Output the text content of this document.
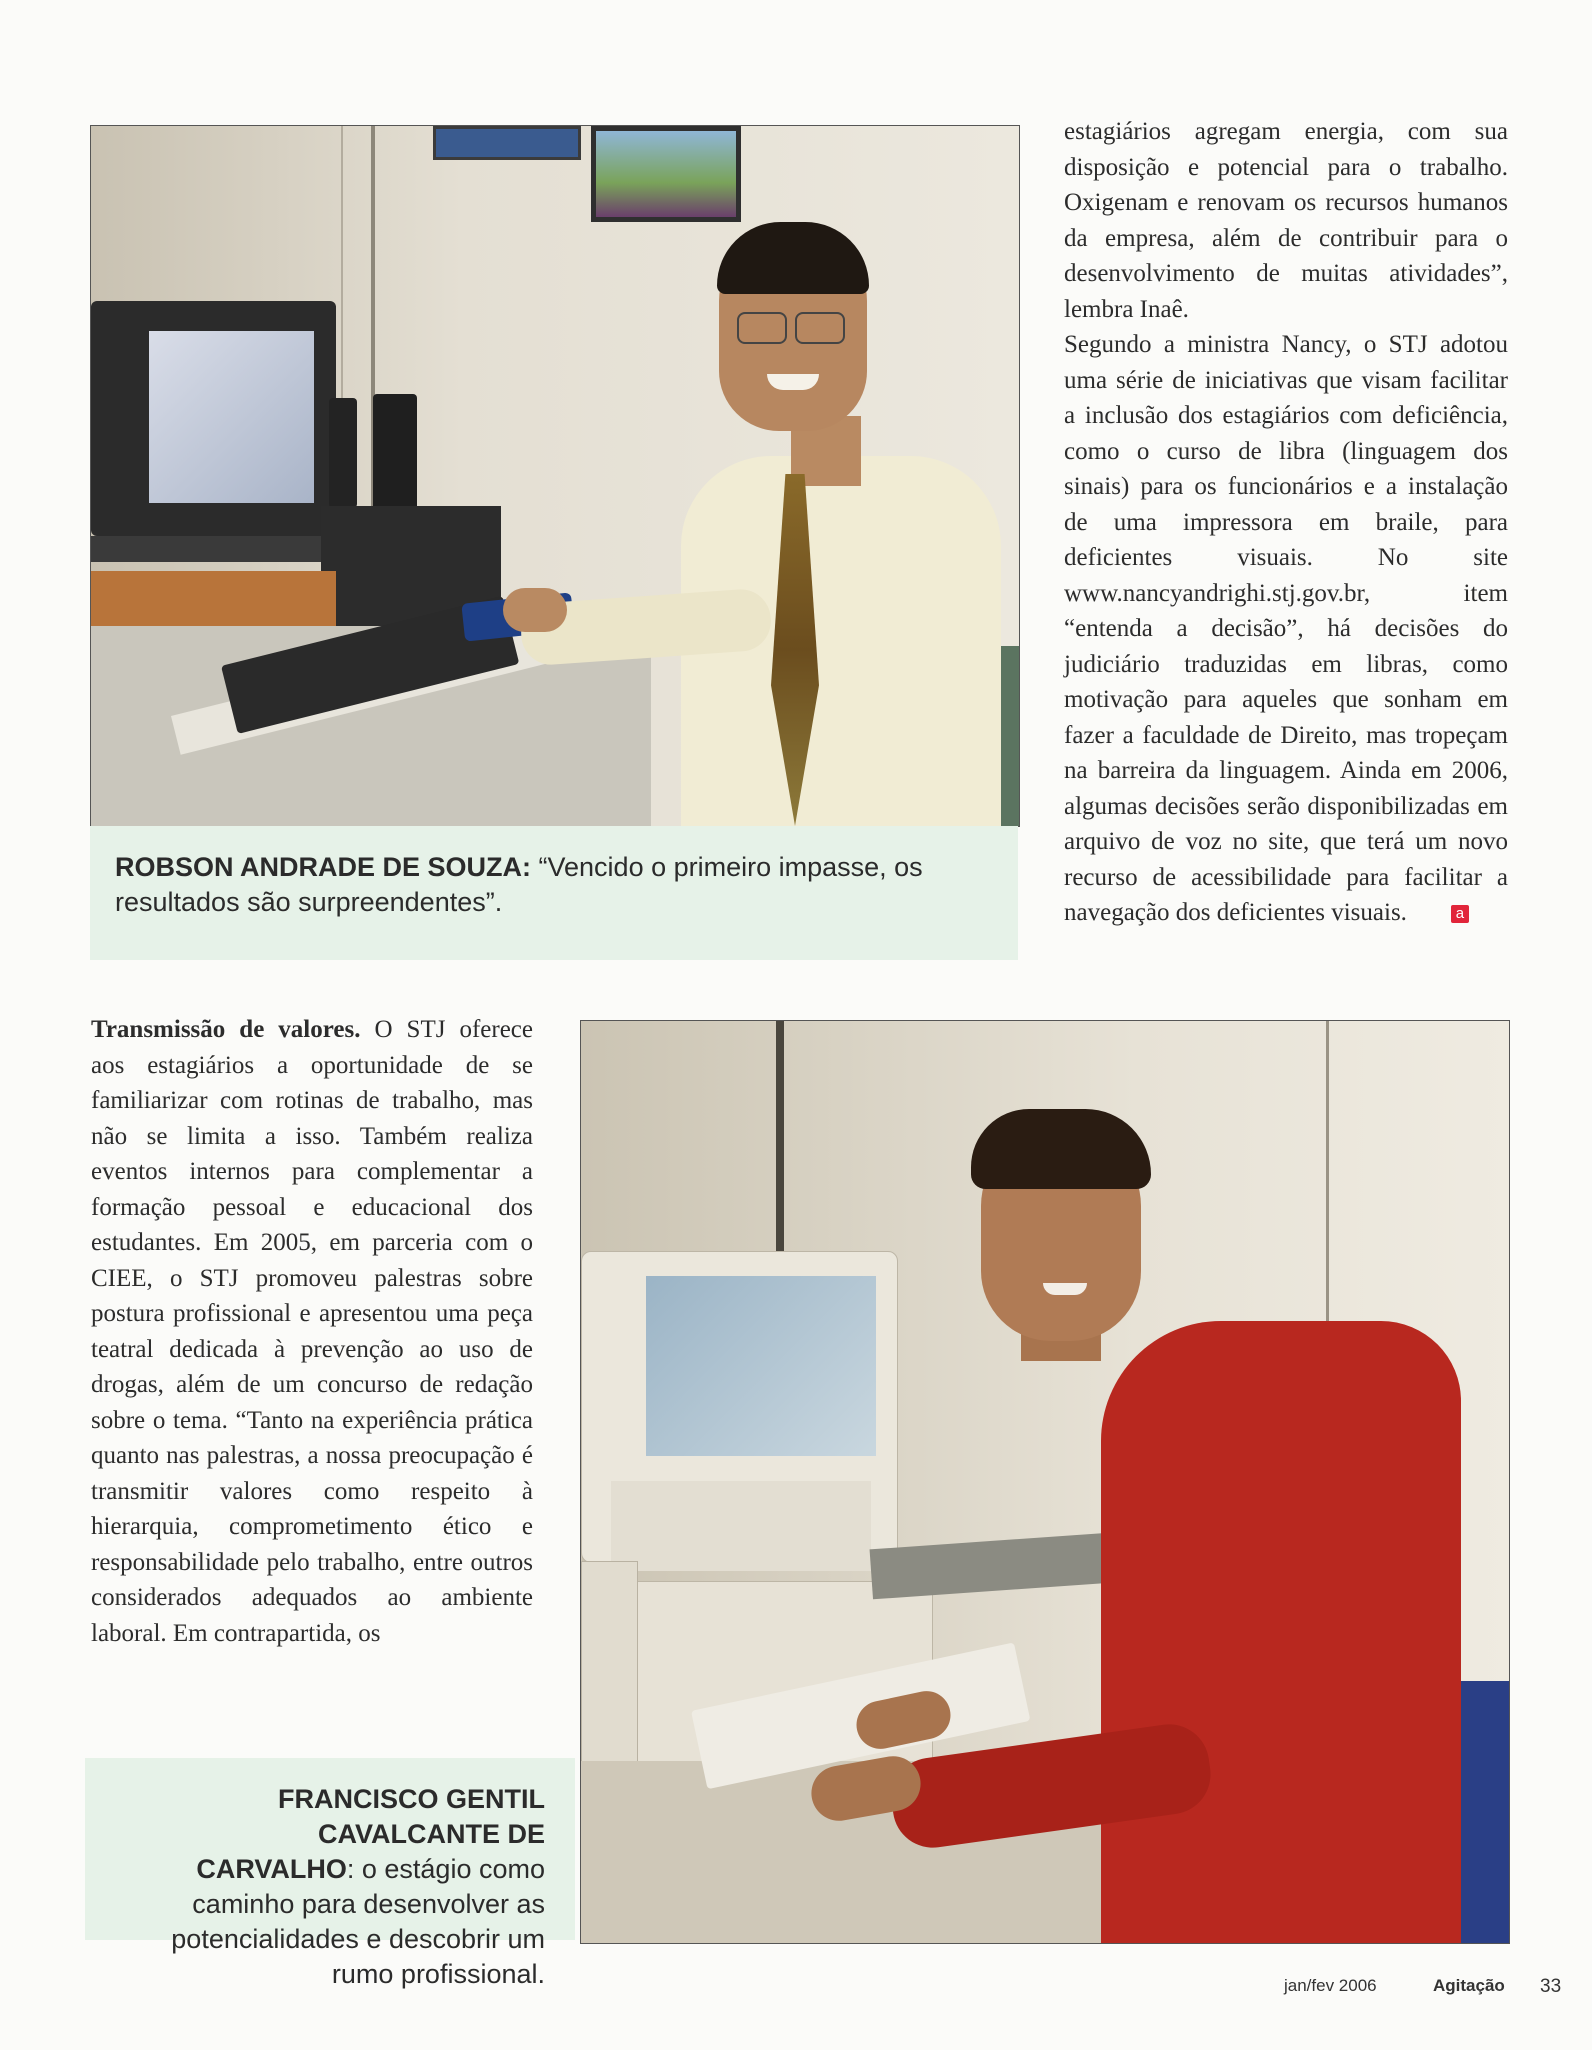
ROBSON ANDRADE DE SOUZA: “Vencido o primeiro impasse, os resultados são surpreendentes”.

estagiários agregam energia, com sua disposição e potencial para o trabalho. Oxigenam e renovam os recursos humanos da empresa, além de contribuir para o desenvolvimento de muitas atividades”, lembra Inaê.

Segundo a ministra Nancy, o STJ adotou uma série de iniciativas que visam facilitar a inclusão dos estagiários com deficiência, como o curso de libra (linguagem dos sinais) para os funcionários e a instalação de uma impressora em braile, para deficientes visuais. No site www.nancyandrighi.stj.gov.br, item “entenda a decisão”, há decisões do judiciário traduzidas em libras, como motivação para aqueles que sonham em fazer a faculdade de Direito, mas tropeçam na barreira da linguagem. Ainda em 2006, algumas decisões serão disponibilizadas em arquivo de voz no site, que terá um novo recurso de acessibilidade para facilitar a navegação dos deficientes visuais.	a

Transmissão de valores. O STJ oferece aos estagiários a oportunidade de se familiarizar com rotinas de trabalho, mas não se limita a isso. Também realiza eventos internos para complementar a formação pessoal e educacional dos estudantes. Em 2005, em parceria com o CIEE, o STJ promoveu palestras sobre postura profissional e apresentou uma peça teatral dedicada à prevenção ao uso de drogas, além de um concurso de redação sobre o tema. “Tanto na experiência prática quanto nas palestras, a nossa preocupação é transmitir valores como respeito à hierarquia, comprometimento ético e responsabilidade pelo trabalho, entre outros considerados adequados ao ambiente laboral. Em contrapartida, os

FRANCISCO GENTIL CAVALCANTE DE
CARVALHO: o estágio como caminho para desenvolver as potencialidades e descobrir um rumo profissional.	jan/fev 2006	Agitação 33
